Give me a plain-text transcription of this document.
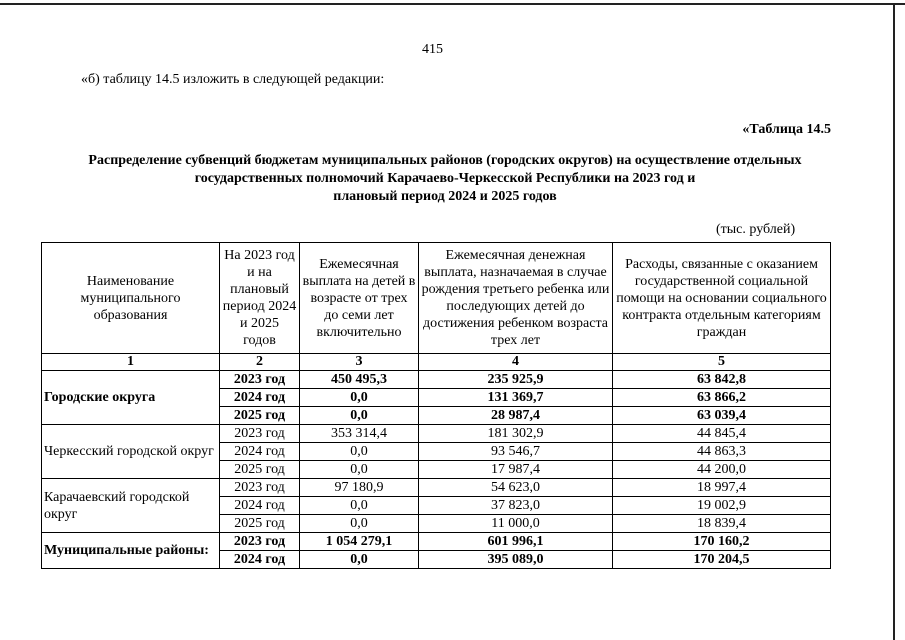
415
«б) таблицу 14.5 изложить в следующей редакции:
«Таблица 14.5
Распределение субвенций бюджетам муниципальных районов (городских округов) на осуществление отдельных
государственных полномочий Карачаево-Черкесской Республики на 2023 год и
плановый период 2024 и 2025 годов
(тыс. рублей)
Наименование муниципального образования	На 2023 год и на плановый период 2024 и 2025 годов	Ежемесячная выплата на детей в возрасте от трех до семи лет включительно	Ежемесячная денежная выплата, назначаемая в случае рождения третьего ребенка или последующих детей до достижения ребенком возраста трех лет	Расходы, связанные с оказанием государственной социальной помощи на основании социального контракта отдельным категориям граждан
1	2	3	4	5
Городские округа	2023 год	450 495,3	235 925,9	63 842,8
	2024 год	0,0	131 369,7	63 866,2
	2025 год	0,0	28 987,4	63 039,4
Черкесский городской округ	2023 год	353 314,4	181 302,9	44 845,4
	2024 год	0,0	93 546,7	44 863,3
	2025 год	0,0	17 987,4	44 200,0
Карачаевский городской округ	2023 год	97 180,9	54 623,0	18 997,4
	2024 год	0,0	37 823,0	19 002,9
	2025 год	0,0	11 000,0	18 839,4
Муниципальные районы:	2023 год	1 054 279,1	601 996,1	170 160,2
	2024 год	0,0	395 089,0	170 204,5
